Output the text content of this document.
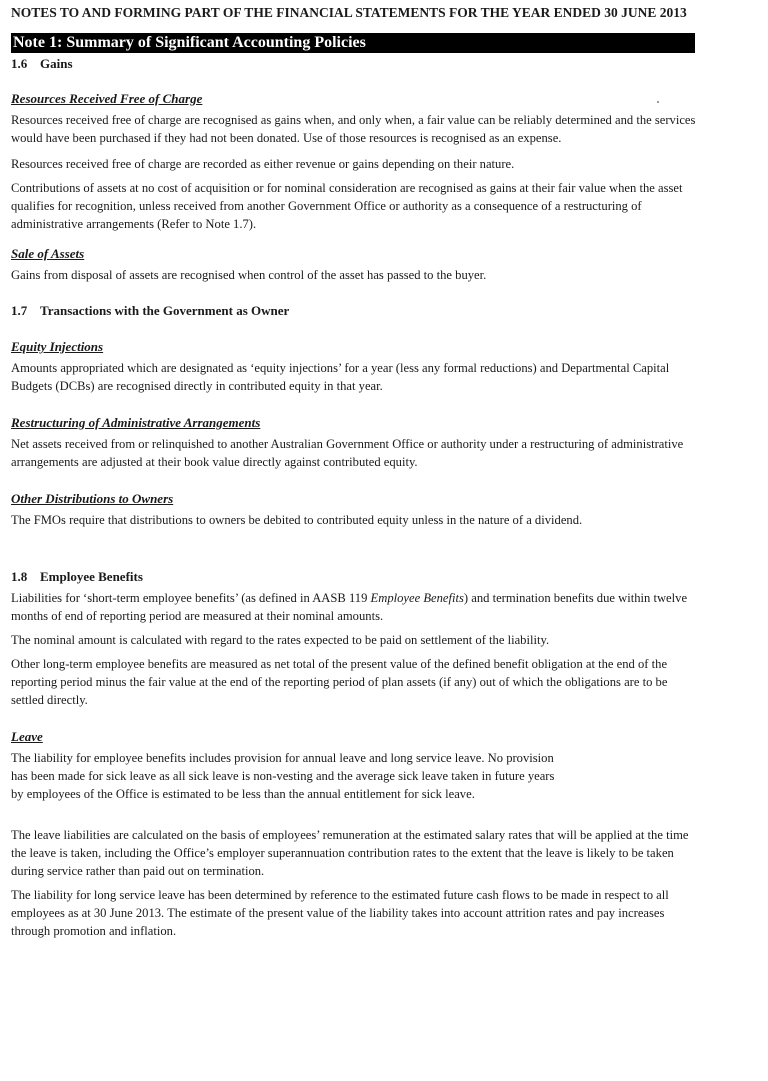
NOTES TO AND FORMING PART OF THE FINANCIAL STATEMENTS FOR THE YEAR ENDED 30 JUNE 2013
Note 1: Summary of Significant Accounting Policies
1.6 Gains
Resources Received Free of Charge

Resources received free of charge are recognised as gains when, and only when, a fair value can be reliably determined and the services would have been purchased if they had not been donated. Use of those resources is recognised as an expense.

Resources received free of charge are recorded as either revenue or gains depending on their nature.

Contributions of assets at no cost of acquisition or for nominal consideration are recognised as gains at their fair value when the asset qualifies for recognition, unless received from another Government Office or authority as a consequence of a restructuring of administrative arrangements (Refer to Note 1.7).

Sale of Assets

Gains from disposal of assets are recognised when control of the asset has passed to the buyer.

1.7 Transactions with the Government as Owner
Equity Injections

Amounts appropriated which are designated as ‘equity injections’ for a year (less any formal reductions) and Departmental Capital Budgets (DCBs) are recognised directly in contributed equity in that year.

Restructuring of Administrative Arrangements

Net assets received from or relinquished to another Australian Government Office or authority under a restructuring of administrative arrangements are adjusted at their book value directly against contributed equity.

Other Distributions to Owners

The FMOs require that distributions to owners be debited to contributed equity unless in the nature of a dividend.

1.8 Employee Benefits

Liabilities for ‘short-term employee benefits’ (as defined in AASB 119 Employee Benefits) and termination benefits due within twelve months of end of reporting period are measured at their nominal amounts.

The nominal amount is calculated with regard to the rates expected to be paid on settlement of the liability.

Other long-term employee benefits are measured as net total of the present value of the defined benefit obligation at the end of the reporting period minus the fair value at the end of the reporting period of plan assets (if any) out of which the obligations are to be settled directly.

Leave

The liability for employee benefits includes provision for annual leave and long service leave. No provision
has been made for sick leave as all sick leave is non-vesting and the average sick leave taken in future years
by employees of the Office is estimated to be less than the annual entitlement for sick leave.

The leave liabilities are calculated on the basis of employees’ remuneration at the estimated salary rates that will be applied at the time the leave is taken, including the Office’s employer superannuation contribution rates to the extent that the leave is likely to be taken during service rather than paid out on termination.

The liability for long service leave has been determined by reference to the estimated future cash flows to be made in respect to all employees as at 30 June 2013. The estimate of the present value of the liability takes into account attrition rates and pay increases through promotion and inflation.
